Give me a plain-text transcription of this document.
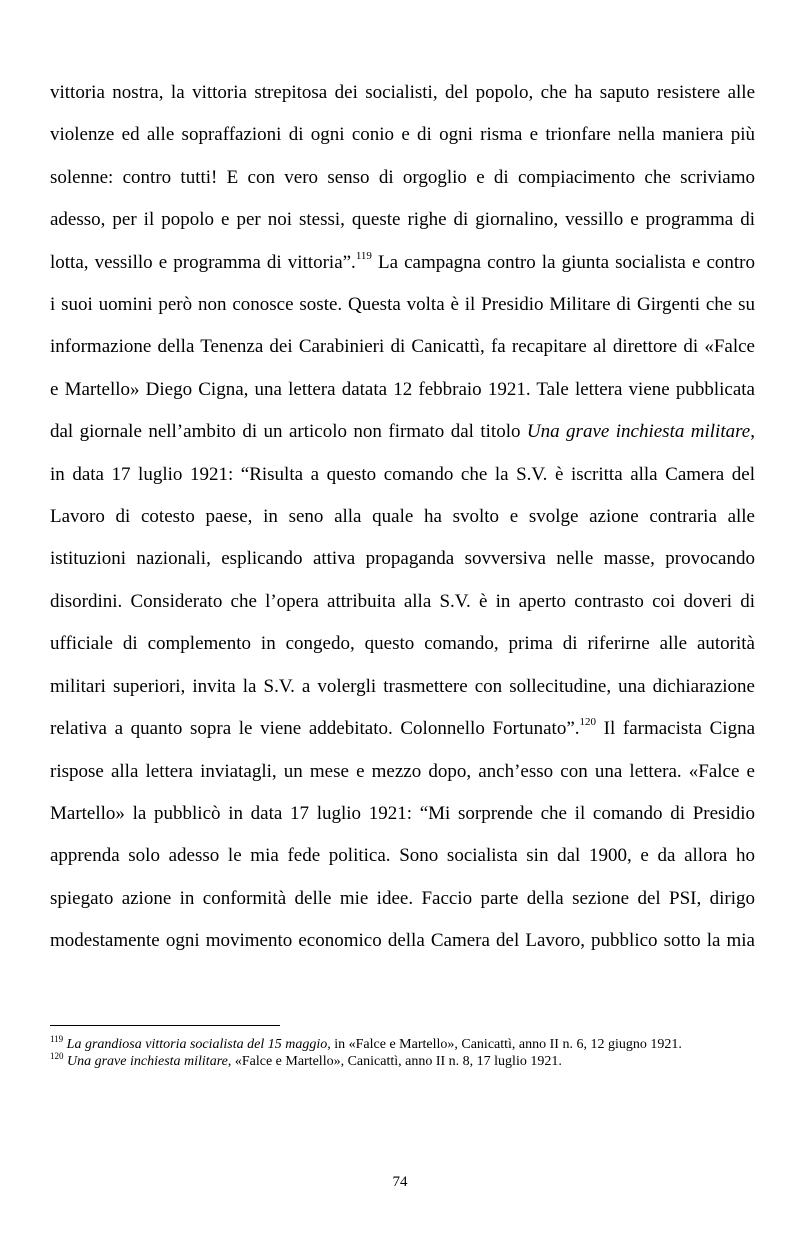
vittoria nostra, la vittoria strepitosa dei socialisti, del popolo, che ha saputo resistere alle
violenze ed alle sopraffazioni di ogni conio e di ogni risma e trionfare nella maniera più
solenne: contro tutti! E con vero senso di orgoglio e di compiacimento che scriviamo
adesso, per il popolo e per noi stessi, queste righe di giornalino, vessillo e programma di
lotta, vessillo e programma di vittoria”.$^{119}$ La campagna contro la giunta socialista e contro
i suoi uomini però non conosce soste. Questa volta è il Presidio Militare di Girgenti che su
informazione della Tenenza dei Carabinieri di Canicattì, fa recapitare al direttore di «Falce
e Martello» Diego Cigna, una lettera datata 12 febbraio 1921. Tale lettera viene pubblicata
dal giornale nell’ambito di un articolo non firmato dal titolo Una grave inchiesta militare,
in data 17 luglio 1921: “Risulta a questo comando che la S.V. è iscritta alla Camera del
Lavoro di cotesto paese, in seno alla quale ha svolto e svolge azione contraria alle
istituzioni nazionali, esplicando attiva propaganda sovversiva nelle masse, provocando
disordini. Considerato che l’opera attribuita alla S.V. è in aperto contrasto coi doveri di
ufficiale di complemento in congedo, questo comando, prima di riferirne alle autorità
militari superiori, invita la S.V. a volergli trasmettere con sollecitudine, una dichiarazione
relativa a quanto sopra le viene addebitato. Colonnello Fortunato”.$^{120}$ Il farmacista Cigna
rispose alla lettera inviatagli, un mese e mezzo dopo, anch’esso con una lettera. «Falce e
Martello» la pubblicò in data 17 luglio 1921: “Mi sorprende che il comando di Presidio
apprenda solo adesso le mia fede politica. Sono socialista sin dal 1900, e da allora ho
spiegato azione in conformità delle mie idee. Faccio parte della sezione del PSI, dirigo
modestamente ogni movimento economico della Camera del Lavoro, pubblico sotto la mia

$^{119}$ La grandiosa vittoria socialista del 15 maggio, in «Falce e Martello», Canicattì, anno II n. 6, 12 giugno 1921.

$^{120}$ Una grave inchiesta militare, «Falce e Martello», Canicattì, anno II n. 8, 17 luglio 1921.

74
